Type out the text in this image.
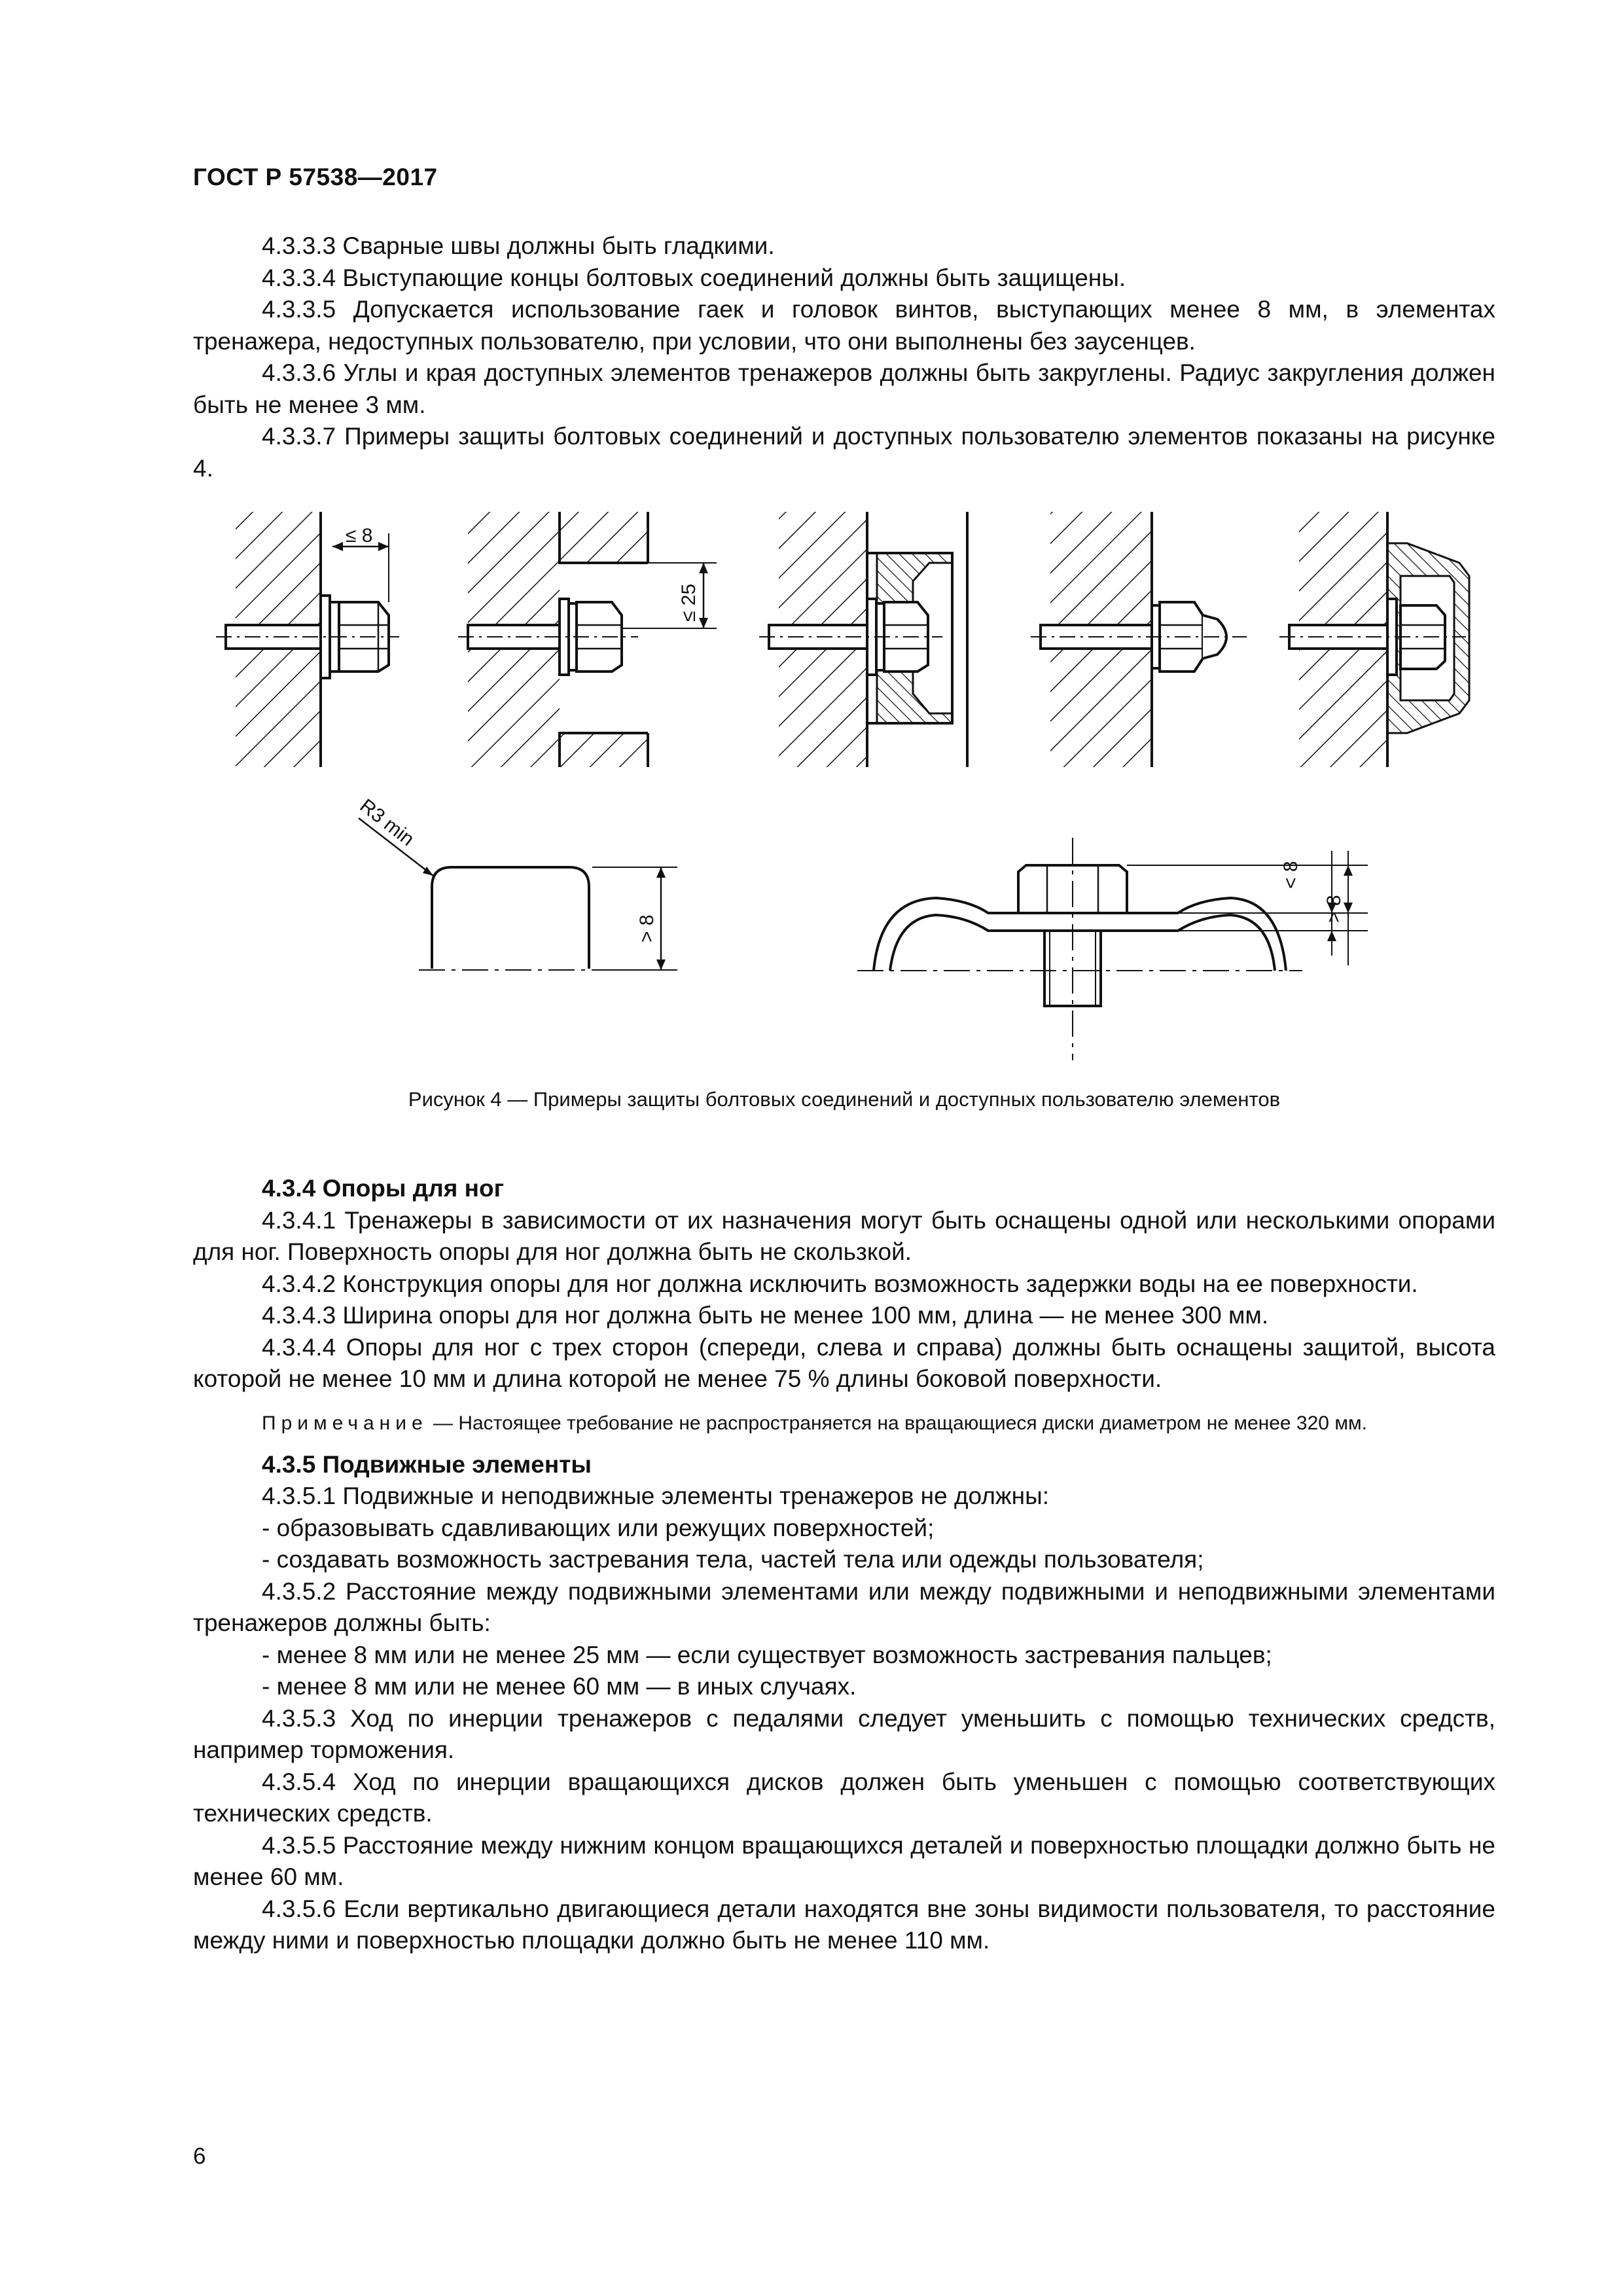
ГОСТ Р 57538—2017

4.3.3.3 Сварные швы должны быть гладкими.

4.3.3.4 Выступающие концы болтовых соединений должны быть защищены.

4.3.3.5 Допускается использование гаек и головок винтов, выступающих менее 8 мм, в элементах тренажера, недоступных пользователю, при условии, что они выполнены без заусенцев.

4.3.3.6 Углы и края доступных элементов тренажеров должны быть закруглены. Радиус закругления должен быть не менее 3 мм.

4.3.3.7 Примеры защиты болтовых соединений и доступных пользователю элементов показаны на рисунке 4.

≤ 8
≤ 25
R3 min
> 8
< 8
> 8
Рисунок 4 — Примеры защиты болтовых соединений и доступных пользователю элементов

4.3.4 Опоры для ног

4.3.4.1 Тренажеры в зависимости от их назначения могут быть оснащены одной или несколькими опорами для ног. Поверхность опоры для ног должна быть не скользкой.

4.3.4.2 Конструкция опоры для ног должна исключить возможность задержки воды на ее поверхности.

4.3.4.3 Ширина опоры для ног должна быть не менее 100 мм, длина — не менее 300 мм.

4.3.4.4 Опоры для ног с трех сторон (спереди, слева и справа) должны быть оснащены защитой, высота которой не менее 10 мм и длина которой не менее 75 % длины боковой поверхности.

Примечание — Настоящее требование не распространяется на вращающиеся диски диаметром не менее 320 мм.

4.3.5 Подвижные элементы

4.3.5.1 Подвижные и неподвижные элементы тренажеров не должны:

- образовывать сдавливающих или режущих поверхностей;

- создавать возможность застревания тела, частей тела или одежды пользователя;

4.3.5.2 Расстояние между подвижными элементами или между подвижными и неподвижными элементами тренажеров должны быть:

- менее 8 мм или не менее 25 мм — если существует возможность застревания пальцев;

- менее 8 мм или не менее 60 мм — в иных случаях.

4.3.5.3 Ход по инерции тренажеров с педалями следует уменьшить с помощью технических средств, например торможения.

4.3.5.4 Ход по инерции вращающихся дисков должен быть уменьшен с помощью соответствующих технических средств.

4.3.5.5 Расстояние между нижним концом вращающихся деталей и поверхностью площадки должно быть не менее 60 мм.

4.3.5.6 Если вертикально двигающиеся детали находятся вне зоны видимости пользователя, то расстояние между ними и поверхностью площадки должно быть не менее 110 мм.

6
